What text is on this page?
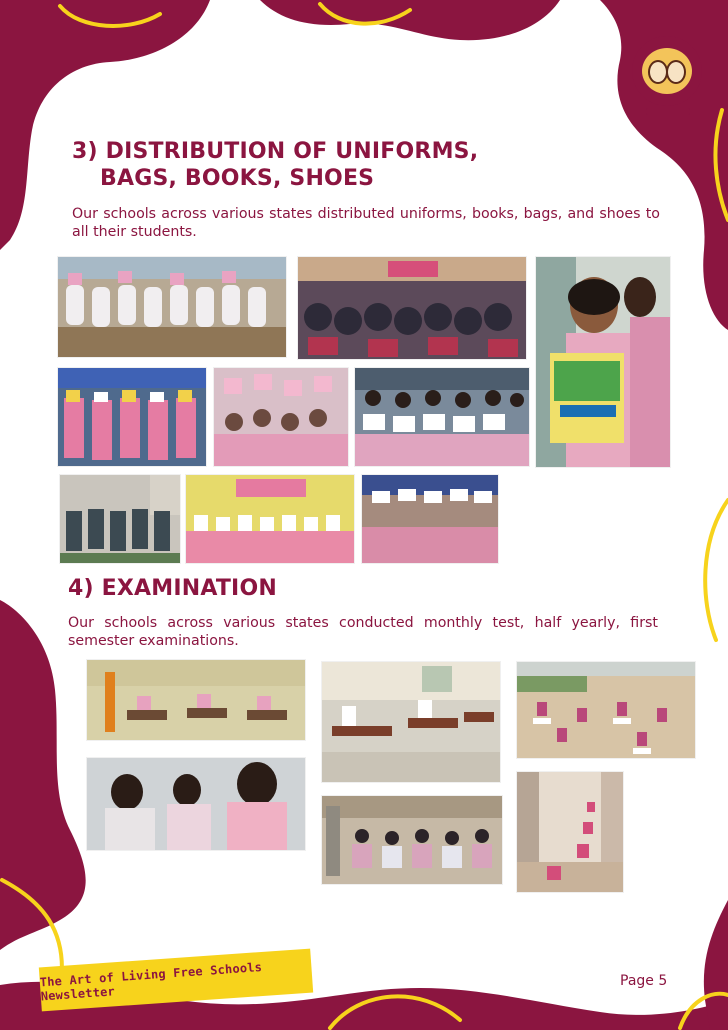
3) DISTRIBUTION OF UNIFORMS,
BAGS, BOOKS, SHOES

Our schools across various states distributed uniforms, books, bags, and shoes to all their students.

4) EXAMINATION

Our schools across various states conducted monthly test, half yearly, first semester examinations.

The Art of Living Free Schools Newsletter
Page 5
